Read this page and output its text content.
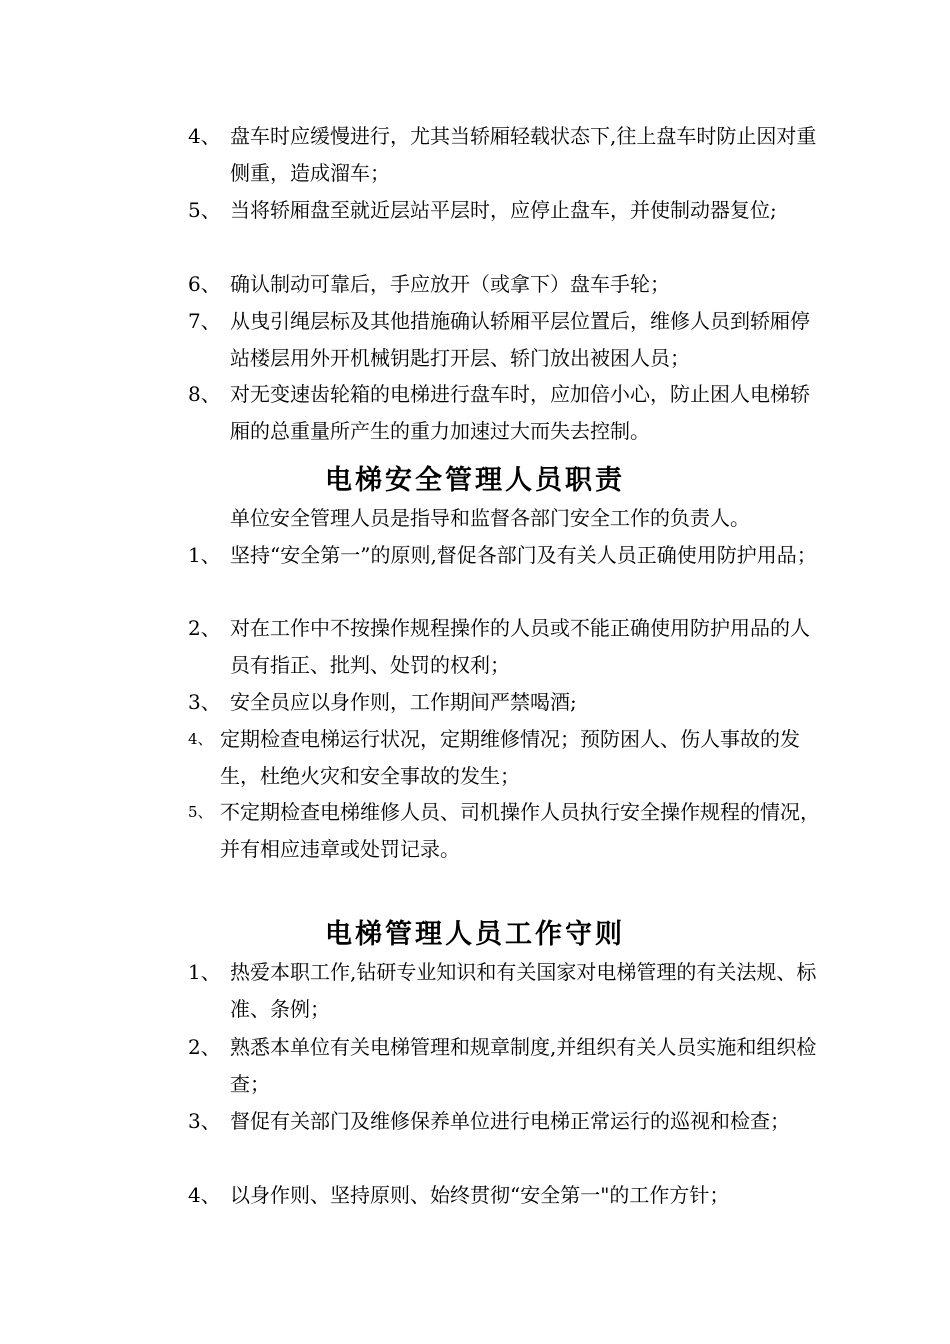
4、 盘车时应缓慢进行，尤其当轿厢轻载状态下,往上盘车时防止因对重侧重，造成溜车；
5、 当将轿厢盘至就近层站平层时，应停止盘车，并使制动器复位;
6、 确认制动可靠后，手应放开（或拿下）盘车手轮；
7、 从曳引绳层标及其他措施确认轿厢平层位置后，维修人员到轿厢停站楼层用外开机械钥匙打开层、轿门放出被困人员；
8、 对无变速齿轮箱的电梯进行盘车时，应加倍小心，防止困人电梯轿厢的总重量所产生的重力加速过大而失去控制。
电梯安全管理人员职责
单位安全管理人员是指导和监督各部门安全工作的负责人。
1、 坚持“安全第一”的原则,督促各部门及有关人员正确使用防护用品；
2、 对在工作中不按操作规程操作的人员或不能正确使用防护用品的人员有指正、批判、处罚的权利；
3、 安全员应以身作则，工作期间严禁喝酒;
4、 定期检查电梯运行状况，定期维修情况；预防困人、伤人事故的发生，杜绝火灾和安全事故的发生；
5、 不定期检查电梯维修人员、司机操作人员执行安全操作规程的情况，并有相应违章或处罚记录。
电梯管理人员工作守则
1、 热爱本职工作,钻研专业知识和有关国家对电梯管理的有关法规、标准、条例；
2、 熟悉本单位有关电梯管理和规章制度,并组织有关人员实施和组织检查；
3、 督促有关部门及维修保养单位进行电梯正常运行的巡视和检查；
4、 以身作则、坚持原则、始终贯彻“安全第一"的工作方针；
